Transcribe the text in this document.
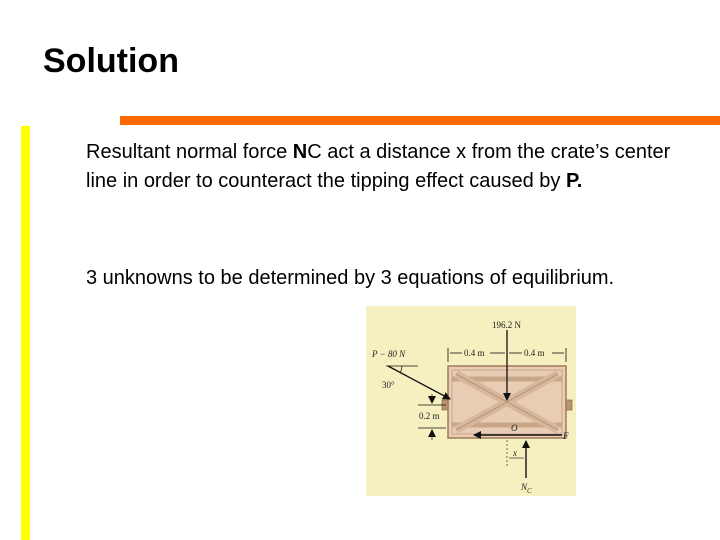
Solution
Resultant normal force NC act a distance x from the crate’s center line in order to counteract the tipping effect caused by P.
3 unknowns to be determined by 3 equations of equilibrium.
196.2 N
0.4 m	0.4 m
P − 80 N
30°
0.2 m
O
F
x
$N_C$
